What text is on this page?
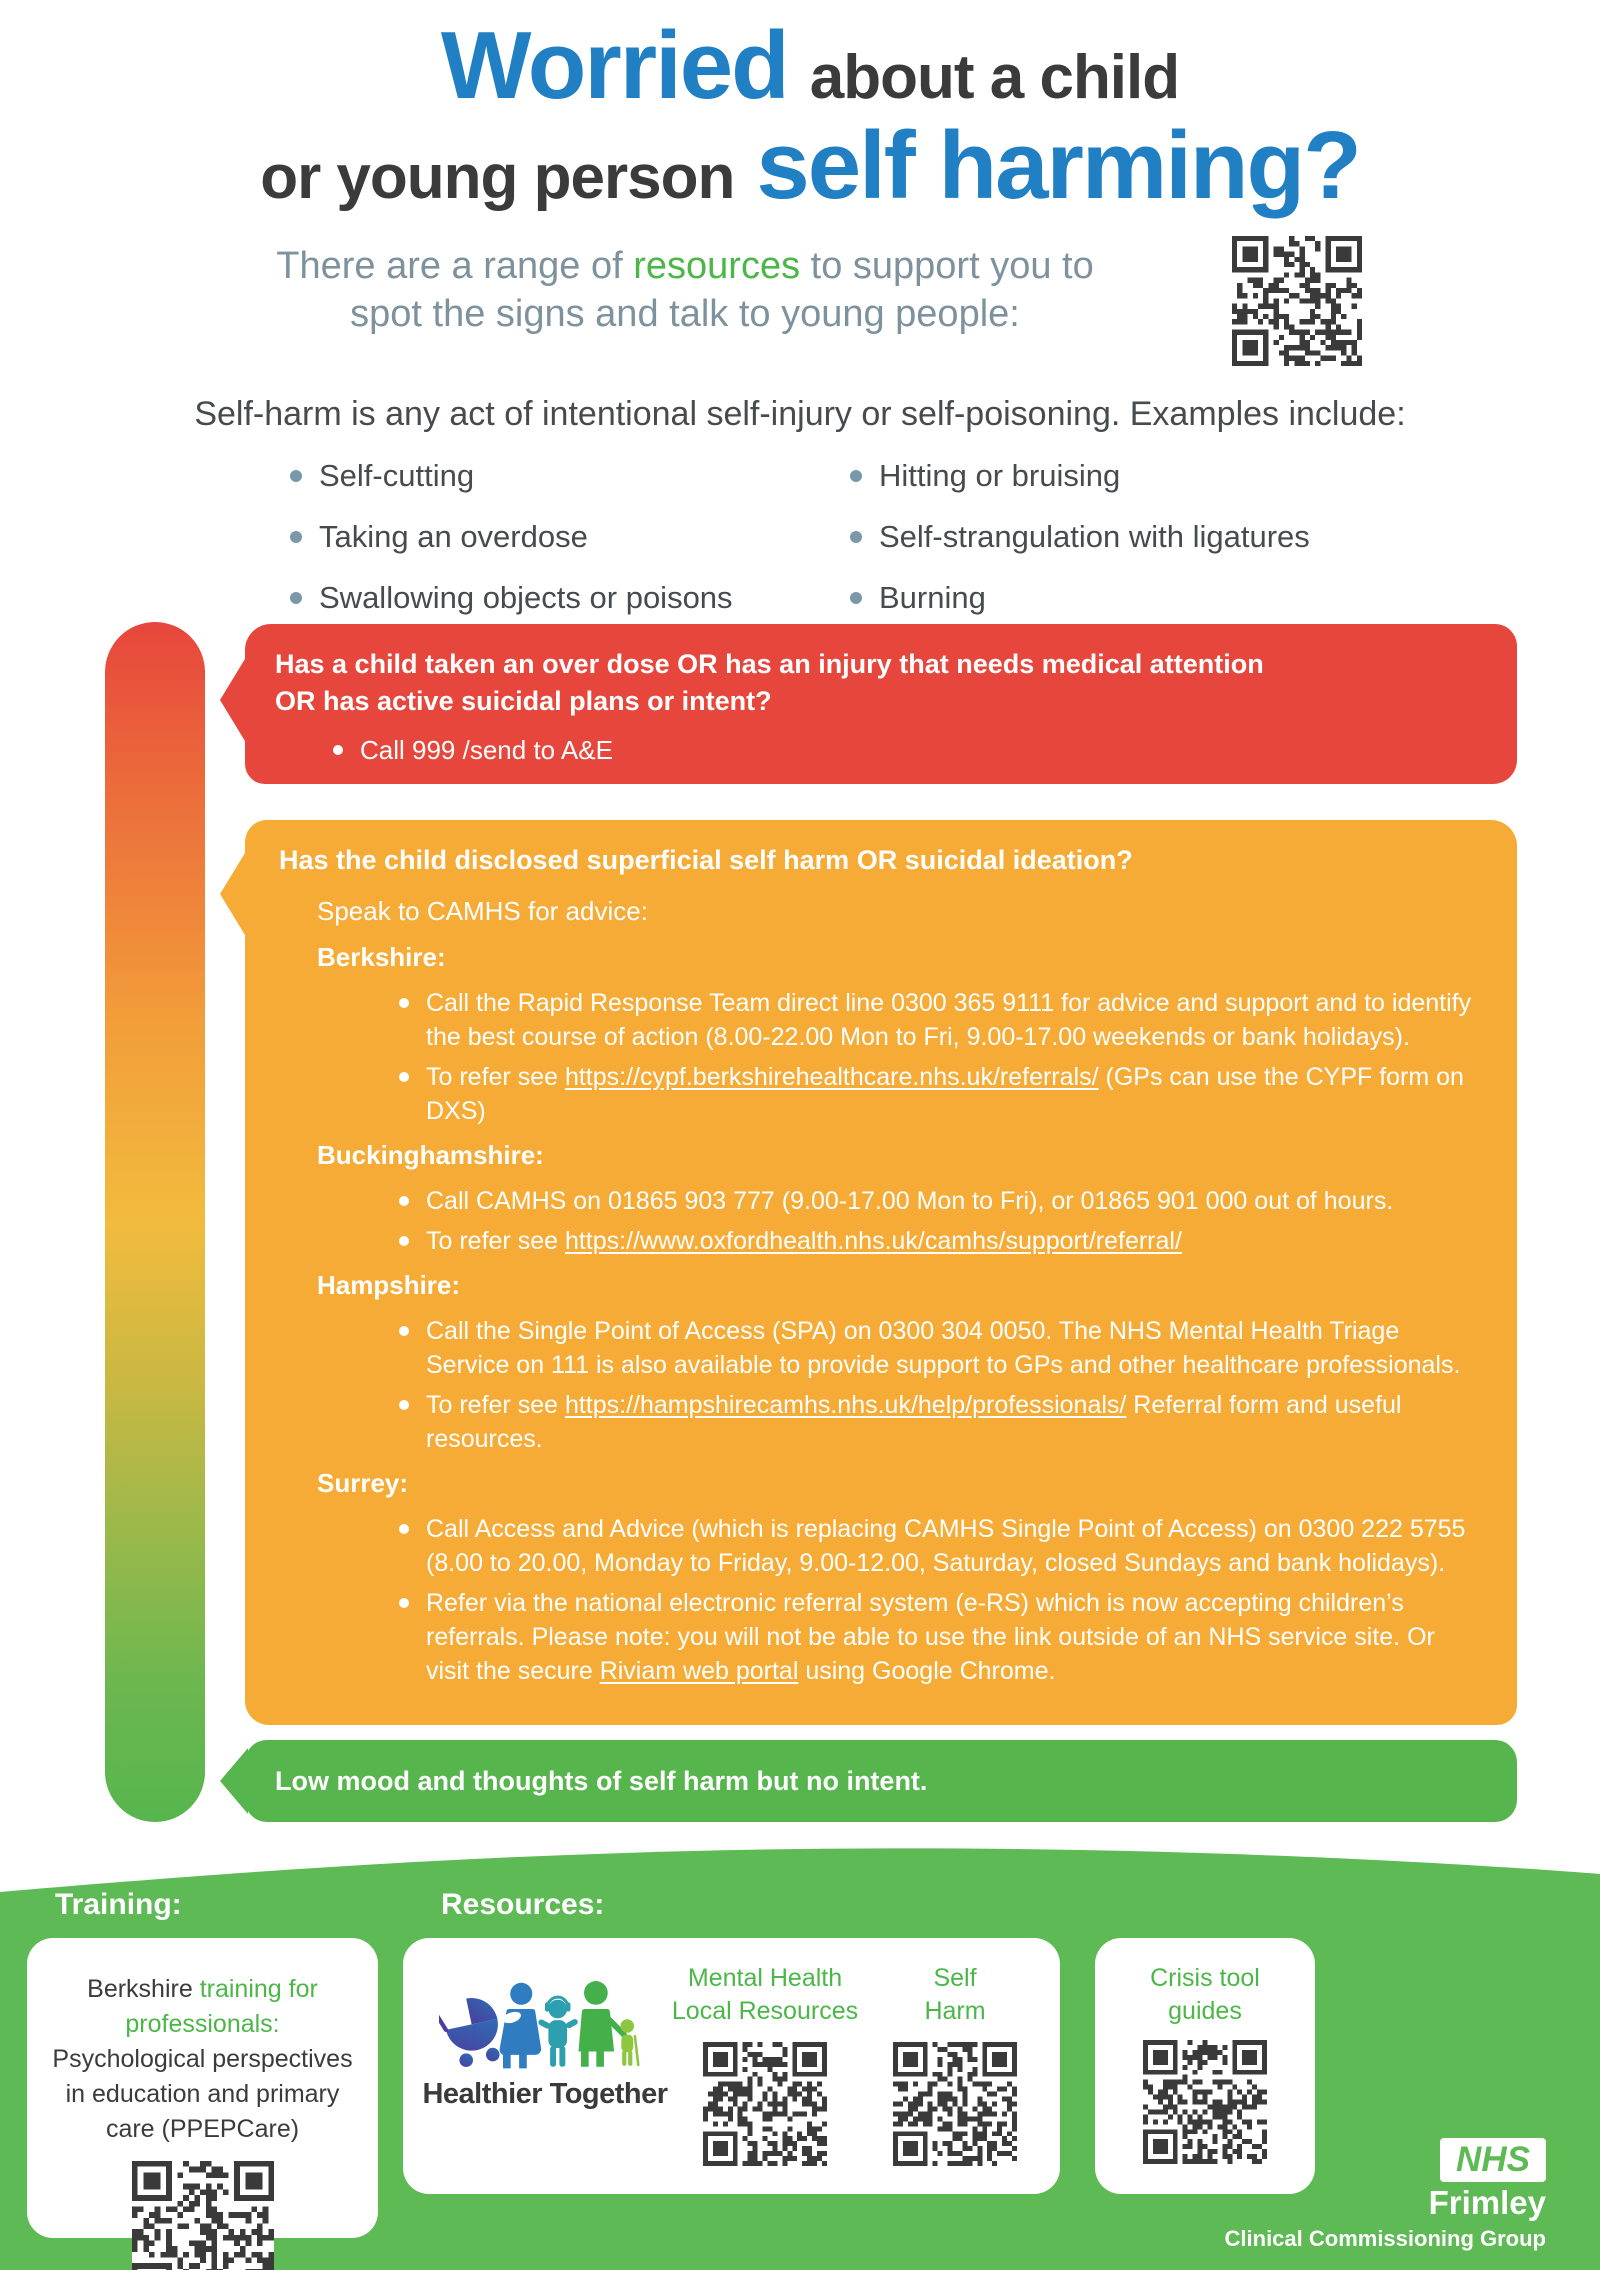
Worried about a child
or young person self harming?
There are a range of resources to support you to spot the signs and talk to young people:
Self-harm is any act of intentional self-injury or self-poisoning. Examples include:
Self-cutting
Taking an overdose
Swallowing objects or poisons
Hitting or bruising
Self-strangulation with ligatures
Burning
Has a child taken an over dose OR has an injury that needs medical attention
OR has active suicidal plans or intent?
Call 999 /send to A&E
Has the child disclosed superficial self harm OR suicidal ideation?
Speak to CAMHS for advice:
Berkshire:
Call the Rapid Response Team direct line 0300 365 9111 for advice and support and to identify the best course of action (8.00-22.00 Mon to Fri, 9.00-17.00 weekends or bank holidays).
To refer see https://cypf.berkshirehealthcare.nhs.uk/referrals/ (GPs can use the CYPF form on DXS)
Buckinghamshire:
Call CAMHS on 01865 903 777 (9.00-17.00 Mon to Fri), or 01865 901 000 out of hours.
To refer see https://www.oxfordhealth.nhs.uk/camhs/support/referral/
Hampshire:
Call the Single Point of Access (SPA) on 0300 304 0050. The NHS Mental Health Triage Service on 111 is also available to provide support to GPs and other healthcare professionals.
To refer see https://hampshirecamhs.nhs.uk/help/professionals/ Referral form and useful resources.
Surrey:
Call Access and Advice (which is replacing CAMHS Single Point of Access) on 0300 222 5755 (8.00 to 20.00, Monday to Friday, 9.00-12.00, Saturday, closed Sundays and bank holidays).
Refer via the national electronic referral system (e-RS) which is now accepting children’s referrals. Please note: you will not be able to use the link outside of an NHS service site. Or visit the secure Riviam web portal using Google Chrome.
Low mood and thoughts of self harm but no intent.
Training:	Resources:
Berkshire training for professionals: Psychological perspectives in education and primary care (PPEPCare)
Healthier Together
Mental Health
Local Resources
Self
Harm
Crisis tool
guides
NHS
Frimley
Clinical Commissioning Group
